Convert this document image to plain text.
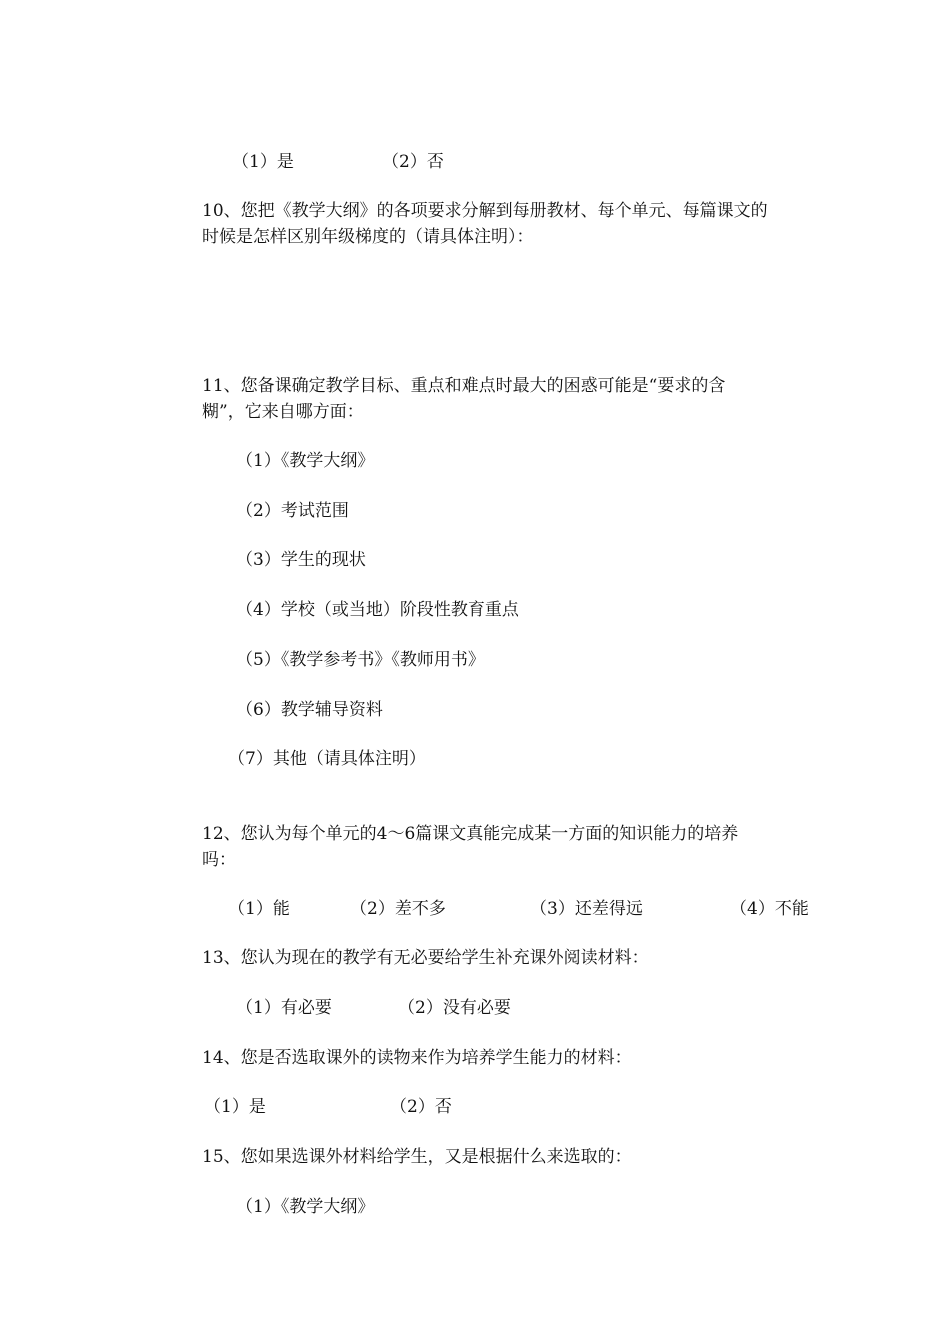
（1）是	（2）否
10、您把《教学大纲》的各项要求分解到每册教材、每个单元、每篇课文的
时候是怎样区别年级梯度的（请具体注明）：
11、您备课确定教学目标、重点和难点时最大的困惑可能是“要求的含
糊”，它来自哪方面：
（1）《教学大纲》
（2）考试范围
（3）学生的现状
（4）学校（或当地）阶段性教育重点
（5）《教学参考书》《教师用书》
（6）教学辅导资料
（7）其他（请具体注明）
12、您认为每个单元的4～6篇课文真能完成某一方面的知识能力的培养
吗：
（1）能	（2）差不多	（3）还差得远	（4）不能
13、您认为现在的教学有无必要给学生补充课外阅读材料：
（1）有必要	（2）没有必要
14、您是否选取课外的读物来作为培养学生能力的材料：
（1）是	（2）否
15、您如果选课外材料给学生，又是根据什么来选取的：
（1）《教学大纲》
